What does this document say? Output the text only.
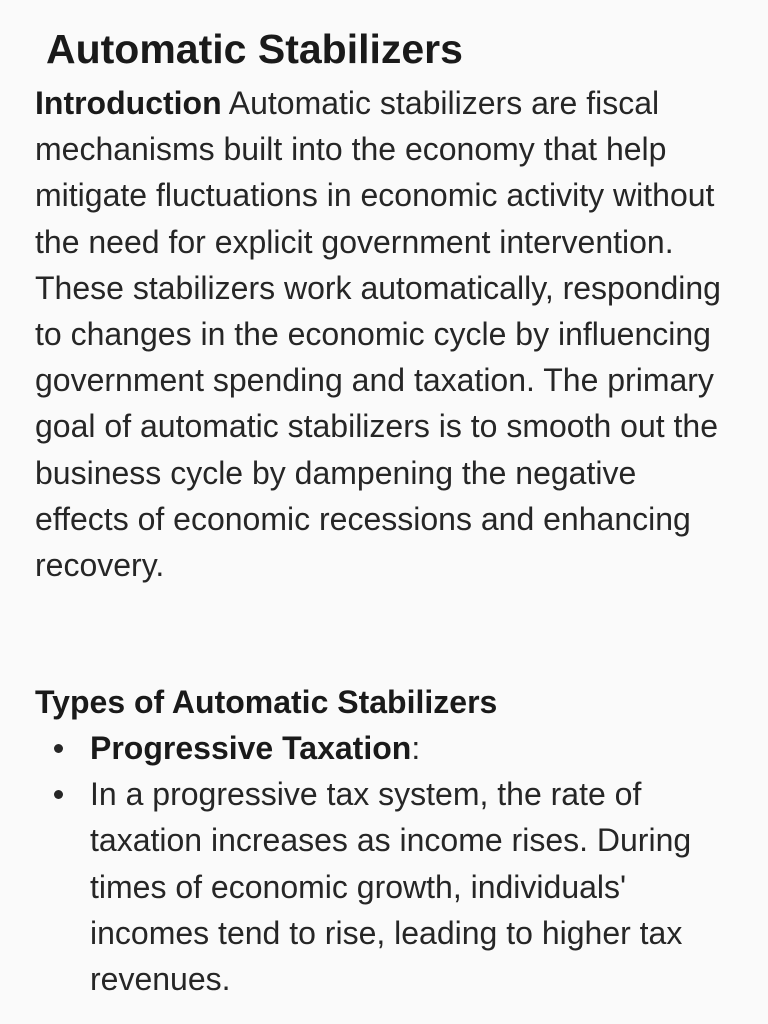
Automatic Stabilizers

Introduction Automatic stabilizers are fiscal mechanisms built into the economy that help mitigate fluctuations in economic activity without the need for explicit government intervention. These stabilizers work automatically, responding to changes in the economic cycle by influencing government spending and taxation. The primary goal of automatic stabilizers is to smooth out the business cycle by dampening the negative effects of economic recessions and enhancing recovery.

Types of Automatic Stabilizers
Progressive Taxation:
In a progressive tax system, the rate of taxation increases as income rises. During times of economic growth, individuals' incomes tend to rise, leading to higher tax revenues.
